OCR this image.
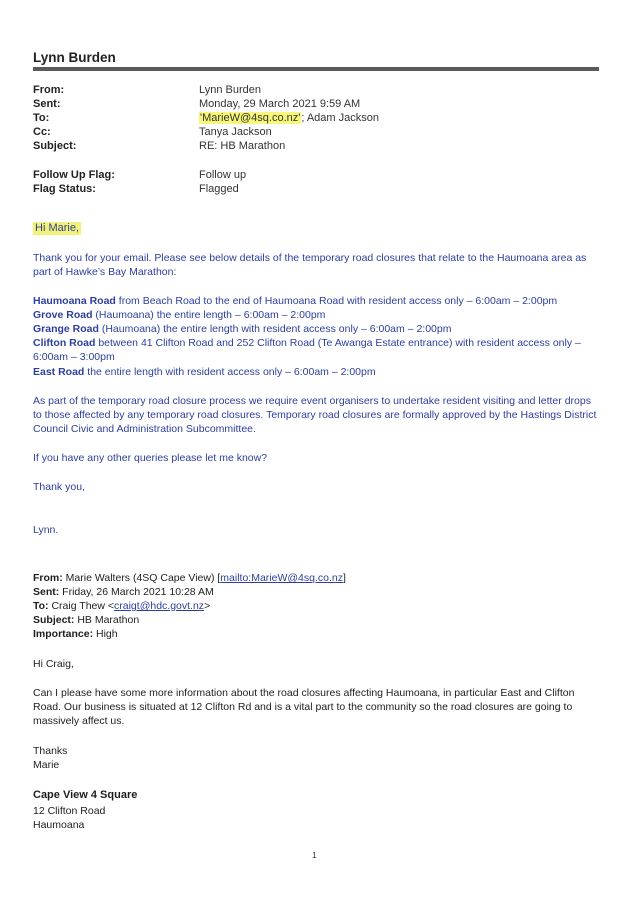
Lynn Burden
From:	Lynn Burden
Sent:	Monday, 29 March 2021 9:59 AM
To:	'MarieW@4sq.co.nz'; Adam Jackson
Cc:	Tanya Jackson
Subject:	RE: HB Marathon
Follow Up Flag:	Follow up
Flag Status:	Flagged
Hi Marie,
Thank you for your email. Please see below details of the temporary road closures that relate to the Haumoana area as part of Hawke’s Bay Marathon:
Haumoana Road from Beach Road to the end of Haumoana Road with resident access only – 6:00am – 2:00pm
Grove Road (Haumoana) the entire length – 6:00am – 2:00pm
Grange Road (Haumoana) the entire length with resident access only – 6:00am – 2:00pm
Clifton Road between 41 Clifton Road and 252 Clifton Road (Te Awanga Estate entrance) with resident access only – 6:00am – 3:00pm
East Road the entire length with resident access only – 6:00am – 2:00pm
As part of the temporary road closure process we require event organisers to undertake resident visiting and letter drops to those affected by any temporary road closures. Temporary road closures are formally approved by the Hastings District Council Civic and Administration Subcommittee.
If you have any other queries please let me know?
Thank you,
Lynn.
From: Marie Walters (4SQ Cape View) [mailto:MarieW@4sq.co.nz]
Sent: Friday, 26 March 2021 10:28 AM
To: Craig Thew <craigt@hdc.govt.nz>
Subject: HB Marathon
Importance: High
Hi Craig,
Can I please have some more information about the road closures affecting Haumoana, in particular East and Clifton Road. Our business is situated at 12 Clifton Rd and is a vital part to the community so the road closures are going to massively affect us.
Thanks
Marie
Cape View 4 Square
12 Clifton Road
Haumoana
1
